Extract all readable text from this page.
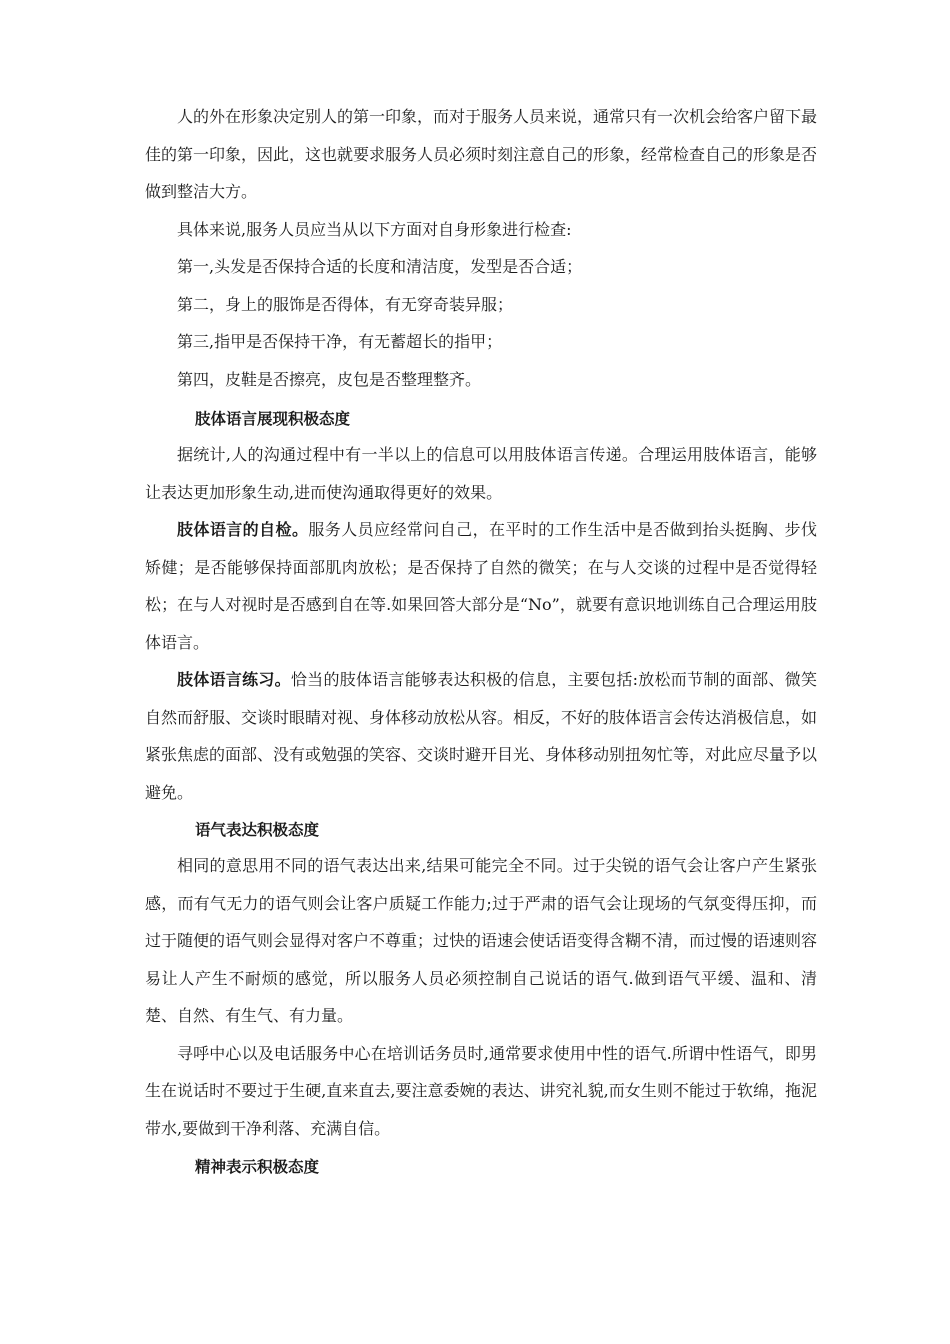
人的外在形象决定别人的第一印象，而对于服务人员来说，通常只有一次机会给客户留下最佳的第一印象，因此，这也就要求服务人员必须时刻注意自己的形象，经常检查自己的形象是否做到整洁大方。

具体来说,服务人员应当从以下方面对自身形象进行检查:

第一,头发是否保持合适的长度和清洁度，发型是否合适；

第二，身上的服饰是否得体，有无穿奇装异服；

第三,指甲是否保持干净，有无蓄超长的指甲；

第四，皮鞋是否擦亮，皮包是否整理整齐。

肢体语言展现积极态度

据统计,人的沟通过程中有一半以上的信息可以用肢体语言传递。合理运用肢体语言，能够让表达更加形象生动,进而使沟通取得更好的效果。

肢体语言的自检。服务人员应经常问自己，在平时的工作生活中是否做到抬头挺胸、步伐矫健；是否能够保持面部肌肉放松；是否保持了自然的微笑；在与人交谈的过程中是否觉得轻松；在与人对视时是否感到自在等.如果回答大部分是“No”，就要有意识地训练自己合理运用肢体语言。

肢体语言练习。恰当的肢体语言能够表达积极的信息，主要包括:放松而节制的面部、微笑自然而舒服、交谈时眼睛对视、身体移动放松从容。相反，不好的肢体语言会传达消极信息，如紧张焦虑的面部、没有或勉强的笑容、交谈时避开目光、身体移动别扭匆忙等，对此应尽量予以避免。

语气表达积极态度

相同的意思用不同的语气表达出来,结果可能完全不同。过于尖锐的语气会让客户产生紧张感，而有气无力的语气则会让客户质疑工作能力;过于严肃的语气会让现场的气氛变得压抑，而过于随便的语气则会显得对客户不尊重；过快的语速会使话语变得含糊不清，而过慢的语速则容易让人产生不耐烦的感觉，所以服务人员必须控制自己说话的语气.做到语气平缓、温和、清楚、自然、有生气、有力量。

寻呼中心以及电话服务中心在培训话务员时,通常要求使用中性的语气.所谓中性语气，即男生在说话时不要过于生硬,直来直去,要注意委婉的表达、讲究礼貌,而女生则不能过于软绵，拖泥带水,要做到干净利落、充满自信。

精神表示积极态度
